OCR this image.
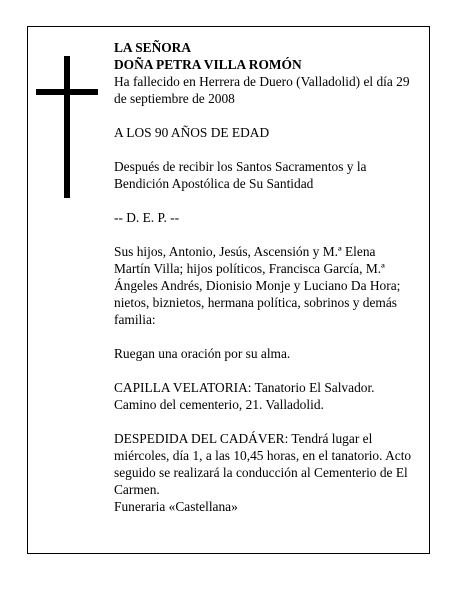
LA SEÑORA

DOÑA PETRA VILLA ROMÓN

Ha fallecido en Herrera de Duero (Valladolid) el día 29

de septiembre de 2008

A LOS 90 AÑOS DE EDAD

Después de recibir los Santos Sacramentos y la

Bendición Apostólica de Su Santidad

-- D. E. P. --

Sus hijos, Antonio, Jesús, Ascensión y M.ª Elena

Martín Villa; hijos políticos, Francisca García, M.ª

Ángeles Andrés, Dionisio Monje y Luciano Da Hora;

nietos, biznietos, hermana política, sobrinos y demás

familia:

Ruegan una oración por su alma.

CAPILLA VELATORIA: Tanatorio El Salvador.

Camino del cementerio, 21. Valladolid.

DESPEDIDA DEL CADÁVER: Tendrá lugar el

miércoles, día 1, a las 10,45 horas, en el tanatorio. Acto

seguido se realizará la conducción al Cementerio de El

Carmen.

Funeraria «Castellana»
